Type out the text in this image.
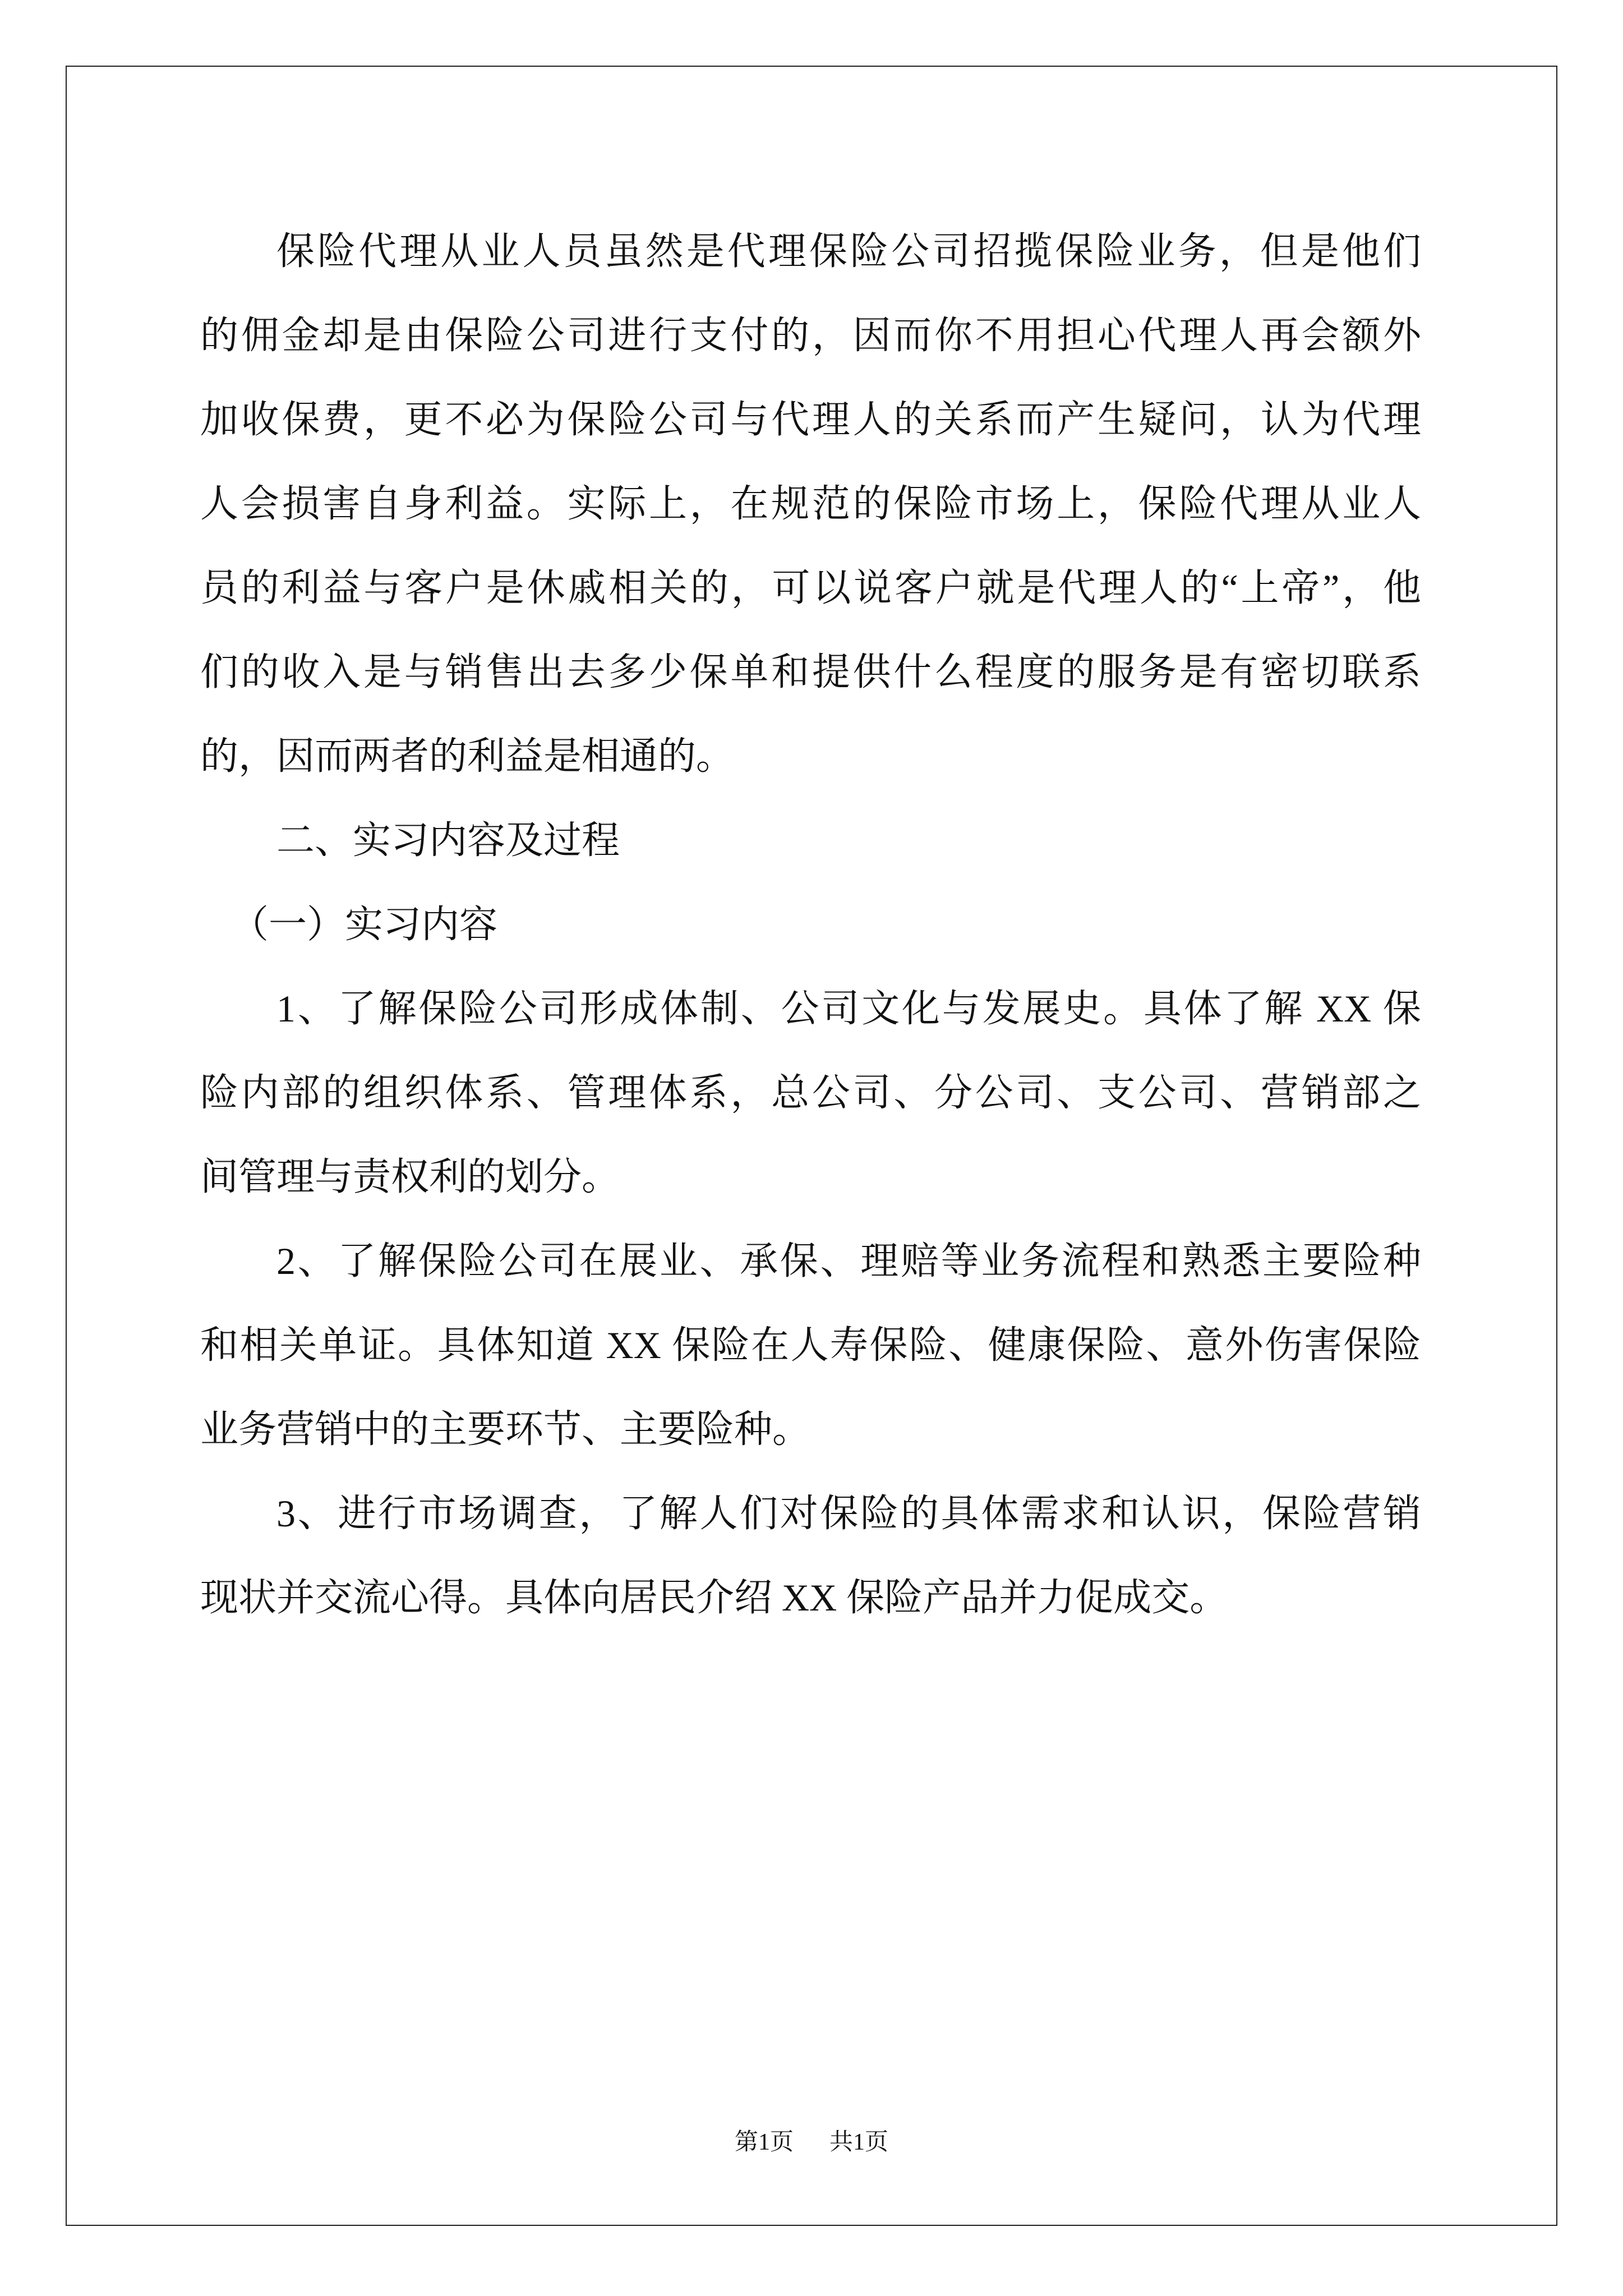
保险代理从业人员虽然是代理保险公司招揽保险业务，但是他们
的佣金却是由保险公司进行支付的，因而你不用担心代理人再会额外
加收保费，更不必为保险公司与代理人的关系而产生疑问，认为代理
人会损害自身利益。实际上，在规范的保险市场上，保险代理从业人
员的利益与客户是休戚相关的，可以说客户就是代理人的“上帝”，他
们的收入是与销售出去多少保单和提供什么程度的服务是有密切联系
的，因而两者的利益是相通的。
二、实习内容及过程
（一）实习内容
1、了解保险公司形成体制、公司文化与发展史。具体了解 XX 保
险内部的组织体系、管理体系，总公司、分公司、支公司、营销部之
间管理与责权利的划分。
2、了解保险公司在展业、承保、理赔等业务流程和熟悉主要险种
和相关单证。具体知道 XX 保险在人寿保险、健康保险、意外伤害保险
业务营销中的主要环节、主要险种。
3、进行市场调查，了解人们对保险的具体需求和认识，保险营销
现状并交流心得。具体向居民介绍 XX 保险产品并力促成交。
第1页 共1页
